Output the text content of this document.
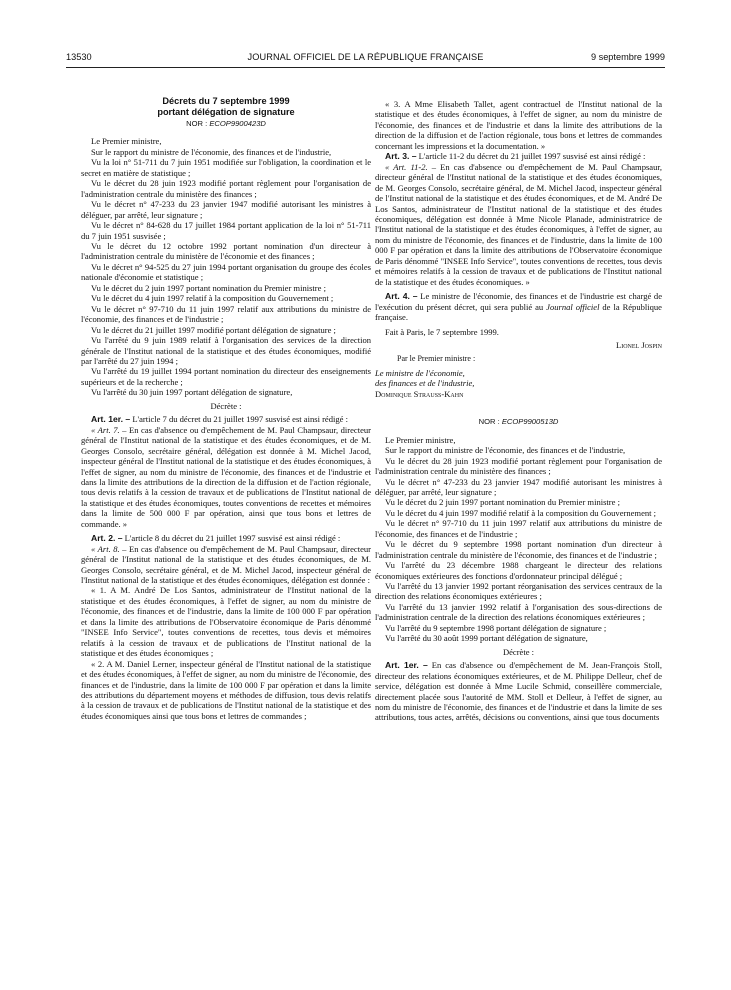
13530	JOURNAL OFFICIEL DE LA RÉPUBLIQUE FRANÇAISE	9 septembre 1999

Décrets du 7 septembre 1999

portant délégation de signature

NOR : ECOP9900423D

Le Premier ministre,

Sur le rapport du ministre de l'économie, des finances et de l'industrie,

Vu la loi n° 51-711 du 7 juin 1951 modifiée sur l'obligation, la coordination et le secret en matière de statistique ;

Vu le décret du 28 juin 1923 modifié portant règlement pour l'organisation de l'administration centrale du ministère des finances ;

Vu le décret n° 47-233 du 23 janvier 1947 modifié autorisant les ministres à déléguer, par arrêté, leur signature ;

Vu le décret n° 84-628 du 17 juillet 1984 portant application de la loi n° 51-711 du 7 juin 1951 susvisée ;

Vu le décret du 12 octobre 1992 portant nomination d'un directeur à l'administration centrale du ministère de l'économie et des finances ;

Vu le décret n° 94-525 du 27 juin 1994 portant organisation du groupe des écoles nationale d'économie et statistique ;

Vu le décret du 2 juin 1997 portant nomination du Premier ministre ;

Vu le décret du 4 juin 1997 relatif à la composition du Gouvernement ;

Vu le décret n° 97-710 du 11 juin 1997 relatif aux attributions du ministre de l'économie, des finances et de l'industrie ;

Vu le décret du 21 juillet 1997 modifié portant délégation de signature ;

Vu l'arrêté du 9 juin 1989 relatif à l'organisation des services de la direction générale de l'Institut national de la statistique et des études économiques, modifié par l'arrêté du 27 juin 1994 ;

Vu l'arrêté du 19 juillet 1994 portant nomination du directeur des enseignements supérieurs et de la recherche ;

Vu l'arrêté du 30 juin 1997 portant délégation de signature,

Décrète :

Art. 1er. – L'article 7 du décret du 21 juillet 1997 susvisé est ainsi rédigé :

« Art. 7. – En cas d'absence ou d'empêchement de M. Paul Champsaur, directeur général de l'Institut national de la statistique et des études économiques, et de M. Georges Consolo, secrétaire général, délégation est donnée à M. Michel Jacod, inspecteur général de l'Institut national de la statistique et des études économiques, à l'effet de signer, au nom du ministre de l'économie, des finances et de l'industrie et dans la limite des attributions de la direction de la diffusion et de l'action régionale, tous devis relatifs à la cession de travaux et de publications de l'Institut national de la statistique et des études économiques, toutes conventions de recettes et mémoires dans la limite de 500 000 F par opération, ainsi que tous bons et lettres de commande. »

Art. 2. – L'article 8 du décret du 21 juillet 1997 susvisé est ainsi rédigé :

« Art. 8. – En cas d'absence ou d'empêchement de M. Paul Champsaur, directeur général de l'Institut national de la statistique et des études économiques, de M. Georges Consolo, secrétaire général, et de M. Michel Jacod, inspecteur général de l'Institut national de la statistique et des études économiques, délégation est donnée :

« 1. A M. André De Los Santos, administrateur de l'Institut national de la statistique et des études économiques, à l'effet de signer, au nom du ministre de l'économie, des finances et de l'industrie, dans la limite de 100 000 F par opération et dans la limite des attributions de l'Observatoire économique de Paris dénommé "INSEE Info Service", toutes conventions de recettes, tous devis et mémoires relatifs à la cession de travaux et de publications de l'Institut national de la statistique et des études économiques ;

« 2. A M. Daniel Lerner, inspecteur général de l'Institut national de la statistique et des études économiques, à l'effet de signer, au nom du ministre de l'économie, des finances et de l'industrie, dans la limite de 100 000 F par opération et dans la limite des attributions du département moyens et méthodes de diffusion, tous devis relatifs à la cession de travaux et de publications de l'Institut national de la statistique et des études économiques ainsi que tous bons et lettres de commandes ;

« 3. A Mme Elisabeth Tallet, agent contractuel de l'Institut national de la statistique et des études économiques, à l'effet de signer, au nom du ministre de l'économie, des finances et de l'industrie et dans la limite des attributions de la direction de la diffusion et de l'action régionale, tous bons et lettres de commandes concernant les impressions et la documentation. »

Art. 3. – L'article 11-2 du décret du 21 juillet 1997 susvisé est ainsi rédigé :

« Art. 11-2. – En cas d'absence ou d'empêchement de M. Paul Champsaur, directeur général de l'Institut national de la statistique et des études économiques, de M. Georges Consolo, secrétaire général, de M. Michel Jacod, inspecteur général de l'Institut national de la statistique et des études économiques, et de M. André De Los Santos, administrateur de l'Institut national de la statistique et des études économiques, délégation est donnée à Mme Nicole Planade, administratrice de l'Institut national de la statistique et des études économiques, à l'effet de signer, au nom du ministre de l'économie, des finances et de l'industrie, dans la limite de 100 000 F par opération et dans la limite des attributions de l'Observatoire économique de Paris dénommé "INSEE Info Service", toutes conventions de recettes, tous devis et mémoires relatifs à la cession de travaux et de publications de l'Institut national de la statistique et des études économiques. »

Art. 4. – Le ministre de l'économie, des finances et de l'industrie est chargé de l'exécution du présent décret, qui sera publié au Journal officiel de la République française.

Fait à Paris, le 7 septembre 1999.

Lionel Jospin

Par le Premier ministre :

Le ministre de l'économie,

des finances et de l'industrie,

Dominique Strauss-Kahn

NOR : ECOP9900513D

Le Premier ministre,

Sur le rapport du ministre de l'économie, des finances et de l'industrie,

Vu le décret du 28 juin 1923 modifié portant règlement pour l'organisation de l'administration centrale du ministère des finances ;

Vu le décret n° 47-233 du 23 janvier 1947 modifié autorisant les ministres à déléguer, par arrêté, leur signature ;

Vu le décret du 2 juin 1997 portant nomination du Premier ministre ;

Vu le décret du 4 juin 1997 modifié relatif à la composition du Gouvernement ;

Vu le décret n° 97-710 du 11 juin 1997 relatif aux attributions du ministre de l'économie, des finances et de l'industrie ;

Vu le décret du 9 septembre 1998 portant nomination d'un directeur à l'administration centrale du ministère de l'économie, des finances et de l'industrie ;

Vu l'arrêté du 23 décembre 1988 chargeant le directeur des relations économiques extérieures des fonctions d'ordonnateur principal délégué ;

Vu l'arrêté du 13 janvier 1992 portant réorganisation des services centraux de la direction des relations économiques extérieures ;

Vu l'arrêté du 13 janvier 1992 relatif à l'organisation des sous-directions de l'administration centrale de la direction des relations économiques extérieures ;

Vu l'arrêté du 9 septembre 1998 portant délégation de signature ;

Vu l'arrêté du 30 août 1999 portant délégation de signature,

Décrète :

Art. 1er. – En cas d'absence ou d'empêchement de M. Jean-François Stoll, directeur des relations économiques extérieures, et de M. Philippe Delleur, chef de service, délégation est donnée à Mme Lucile Schmid, conseillère commerciale, directement placée sous l'autorité de MM. Stoll et Delleur, à l'effet de signer, au nom du ministre de l'économie, des finances et de l'industrie et dans la limite de ses attributions, tous actes, arrêtés, décisions ou conventions, ainsi que tous documents
